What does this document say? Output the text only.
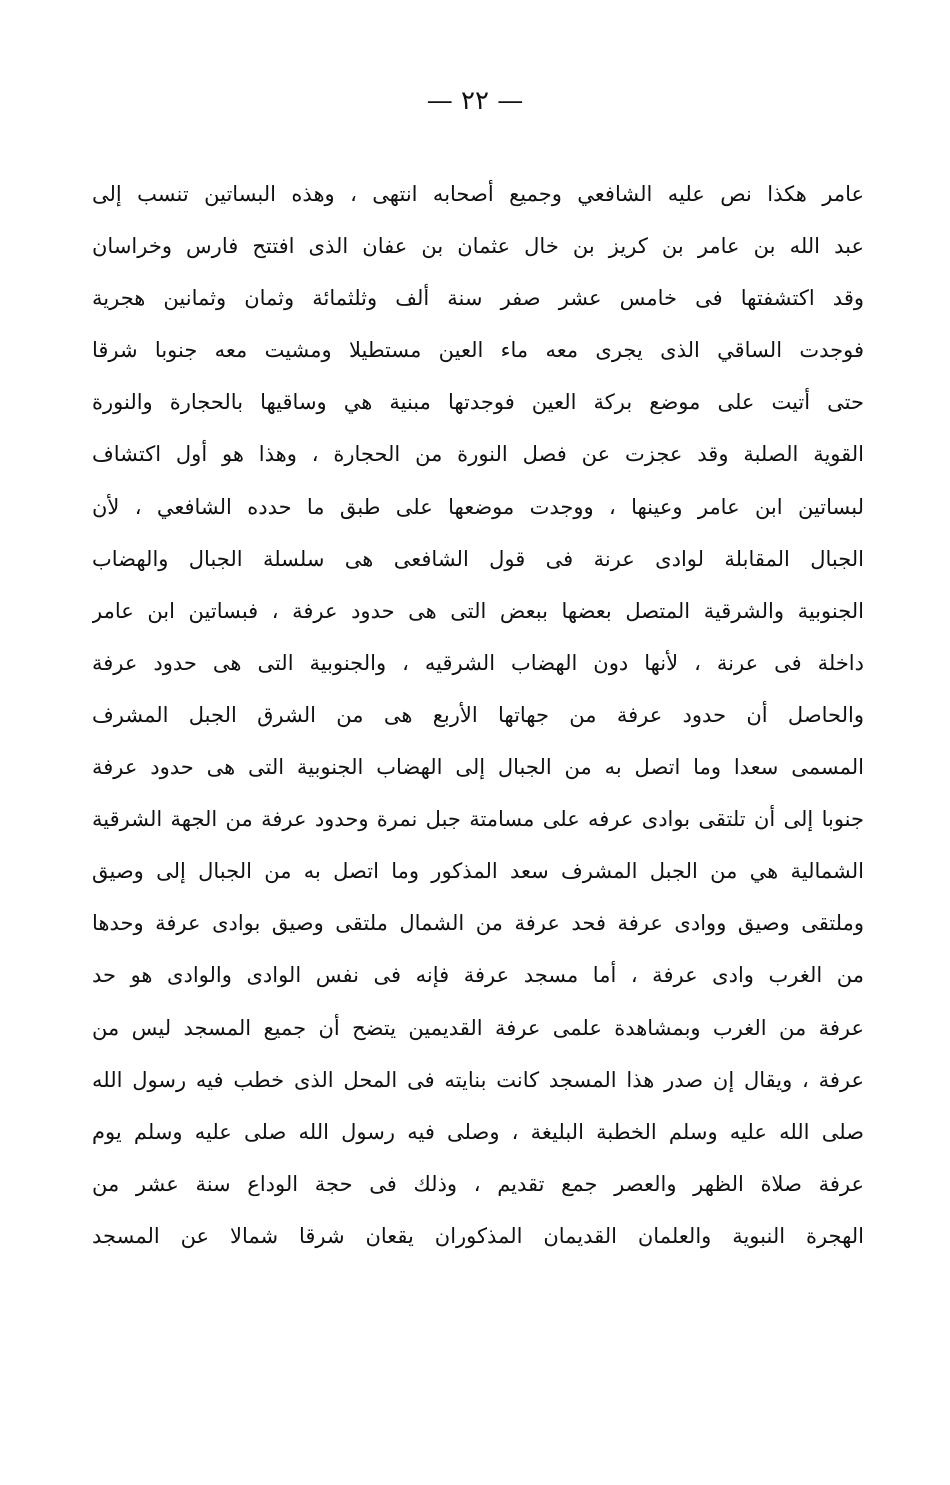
— ٢٢ —
عامر هكذا نص عليه الشافعي وجميع أصحابه انتهى ، وهذه البساتين تنسب إلى
عبد الله بن عامر بن كريز بن خال عثمان بن عفان الذى افتتح فارس وخراسان
وقد اكتشفتها فى خامس عشر صفر سنة ألف وثلثمائة وثمان وثمانين هجرية
فوجدت الساقي الذى يجرى معه ماء العين مستطيلا ومشيت معه جنوبا شرقا
حتى أتيت على موضع بركة العين فوجدتها مبنية هي وساقيها بالحجارة والنورة
القوية الصلبة وقد عجزت عن فصل النورة من الحجارة ، وهذا هو أول اكتشاف
لبساتين ابن عامر وعينها ، ووجدت موضعها على طبق ما حدده الشافعي ، لأن
الجبال المقابلة لوادى عرنة فى قول الشافعى هى سلسلة الجبال والهضاب
الجنوبية والشرقية المتصل بعضها ببعض التى هى حدود عرفة ، فبساتين ابن عامر
داخلة فى عرنة ، لأنها دون الهضاب الشرقيه ، والجنوبية التى هى حدود عرفة
والحاصل أن حدود عرفة من جهاتها الأربع هى من الشرق الجبل المشرف
المسمى سعدا وما اتصل به من الجبال إلى الهضاب الجنوبية التى هى حدود عرفة
جنوبا إلى أن تلتقى بوادى عرفه على مسامتة جبل نمرة وحدود عرفة من الجهة الشرقية
الشمالية هي من الجبل المشرف سعد المذكور وما اتصل به من الجبال إلى وصيق
وملتقى وصيق ووادى عرفة فحد عرفة من الشمال ملتقى وصيق بوادى عرفة وحدها
من الغرب وادى عرفة ، أما مسجد عرفة فإنه فى نفس الوادى والوادى هو حد
عرفة من الغرب وبمشاهدة علمى عرفة القديمين يتضح أن جميع المسجد ليس من
عرفة ، ويقال إن صدر هذا المسجد كانت بنايته فى المحل الذى خطب فيه رسول الله
صلى الله عليه وسلم الخطبة البليغة ، وصلى فيه رسول الله صلى عليه وسلم يوم
عرفة صلاة الظهر والعصر جمع تقديم ، وذلك فى حجة الوداع سنة عشر من
الهجرة النبوية والعلمان القديمان المذكوران يقعان شرقا شمالا عن المسجد
